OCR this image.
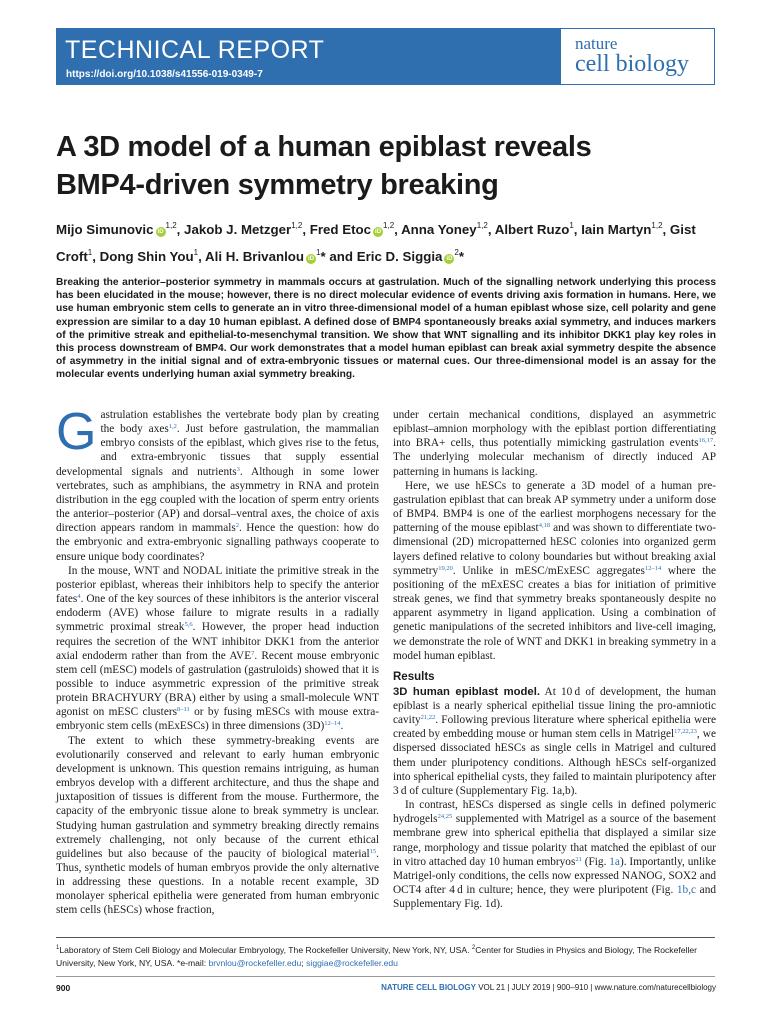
TECHNICAL REPORT
https://doi.org/10.1038/s41556-019-0349-7
nature
cell biology
A 3D model of a human epiblast reveals
BMP4-driven symmetry breaking

Mijo Simunovic iD$^{1,2}$, Jakob J. Metzger$^{1,2}$, Fred Etoc iD$^{1,2}$, Anna Yoney$^{1,2}$, Albert Ruzo$^1$, Iain Martyn$^{1,2}$, Gist Croft$^1$, Dong Shin You$^1$, Ali H. Brivanlou $iD^1*$ and Eric D. Siggia $iD^2*$

Breaking the anterior–posterior symmetry in mammals occurs at gastrulation. Much of the signalling network underlying this process has been elucidated in the mouse; however, there is no direct molecular evidence of events driving axis formation in humans. Here, we use human embryonic stem cells to generate an in vitro three-dimensional model of a human epiblast whose size, cell polarity and gene expression are similar to a day 10 human epiblast. A defined dose of BMP4 spontaneously breaks axial symmetry, and induces markers of the primitive streak and epithelial-to-mesenchymal transition. We show that WNT signalling and its inhibitor DKK1 play key roles in this process downstream of BMP4. Our work demonstrates that a model human epiblast can break axial symmetry despite the absence of asymmetry in the initial signal and of extra-embryonic tissues or maternal cues. Our three-dimensional model is an assay for the molecular events underlying human axial symmetry breaking.

Gastrulation establishes the vertebrate body plan by creating the body axes$^{1,2}$. Just before gastrulation, the mammalian embryo consists of the epiblast, which gives rise to the fetus, and extra-embryonic tissues that supply essential developmental signals and nutrients$^3$. Although in some lower vertebrates, such as amphibians, the asymmetry in RNA and protein distribution in the egg coupled with the location of sperm entry orients the anterior–posterior (AP) and dorsal–ventral axes, the choice of axis direction appears random in mammals$^2$. Hence the question: how do the embryonic and extra-embryonic signalling pathways cooperate to ensure unique body coordinates?

In the mouse, WNT and NODAL initiate the primitive streak in the posterior epiblast, whereas their inhibitors help to specify the anterior fates$^4$. One of the key sources of these inhibitors is the anterior visceral endoderm (AVE) whose failure to migrate results in a radially symmetric proximal streak$^{5,6}$. However, the proper head induction requires the secretion of the WNT inhibitor DKK1 from the anterior axial endoderm rather than from the AVE$^7$. Recent mouse embryonic stem cell (mESC) models of gastrulation (gastruloids) showed that it is possible to induce asymmetric expression of the primitive streak protein BRACHYURY (BRA) either by using a small-molecule WNT agonist on mESC clusters$^{8-11}$ or by fusing mESCs with mouse extra-embryonic stem cells (mExESCs) in three dimensions $(3D)^{12-14}$.

The extent to which these symmetry-breaking events are evolutionarily conserved and relevant to early human embryonic development is unknown. This question remains intriguing, as human embryos develop with a different architecture, and thus the shape and juxtaposition of tissues is different from the mouse. Furthermore, the capacity of the embryonic tissue alone to break symmetry is unclear. Studying human gastrulation and symmetry breaking directly remains extremely challenging, not only because of the current ethical guidelines but also because of the paucity of biological material$^{15}$. Thus, synthetic models of human embryos provide the only alternative in addressing these questions. In a notable recent example, 3D monolayer spherical epithelia were generated from human embryonic stem cells (hESCs) whose fraction,

under certain mechanical conditions, displayed an asymmetric epiblast–amnion morphology with the epiblast portion differentiating into BRA+ cells, thus potentially mimicking gastrulation events$^{16,17}$. The underlying molecular mechanism of directly induced AP patterning in humans is lacking.

Here, we use hESCs to generate a 3D model of a human pre-gastrulation epiblast that can break AP symmetry under a uniform dose of BMP4. BMP4 is one of the earliest morphogens necessary for the patterning of the mouse epiblast$^{4,18}$ and was shown to differentiate two-dimensional (2D) micropatterned hESC colonies into organized germ layers defined relative to colony boundaries but without breaking axial symmetry$^{19,20}$. Unlike in mESC/mExESC aggregates$^{12-14}$ where the positioning of the mExESC creates a bias for initiation of primitive streak genes, we find that symmetry breaks spontaneously despite no apparent asymmetry in ligand application. Using a combination of genetic manipulations of the secreted inhibitors and live-cell imaging, we demonstrate the role of WNT and DKK1 in breaking symmetry in a model human epiblast.

Results

3D human epiblast model. At 10 d of development, the human epiblast is a nearly spherical epithelial tissue lining the pro-amniotic cavity$^{21,22}$. Following previous literature where spherical epithelia were created by embedding mouse or human stem cells in Matrigel$^{17,22,23}$, we dispersed dissociated hESCs as single cells in Matrigel and cultured them under pluripotency conditions. Although hESCs self-organized into spherical epithelial cysts, they failed to maintain pluripotency after 3 d of culture (Supplementary Fig. 1a,b).

In contrast, hESCs dispersed as single cells in defined polymeric hydrogels$^{24,25}$ supplemented with Matrigel as a source of the basement membrane grew into spherical epithelia that displayed a similar size range, morphology and tissue polarity that matched the epiblast of our in vitro attached day 10 human embryos$^{21}$ (Fig. 1a). Importantly, unlike Matrigel-only conditions, the cells now expressed NANOG, SOX2 and OCT4 after 4 d in culture; hence, they were pluripotent (Fig. 1b,c and Supplementary Fig. 1d).

$^1$Laboratory of Stem Cell Biology and Molecular Embryology, The Rockefeller University, New York, NY, USA. $^2$Center for Studies in Physics and Biology, The Rockefeller University, New York, NY, USA. *e-mail: brvnlou@rockefeller.edu; siggiae@rockefeller.edu

900	NATURE CELL BIOLOGY VOL 21 | JULY 2019 | 900–910 | www.nature.com/naturecellbiology
